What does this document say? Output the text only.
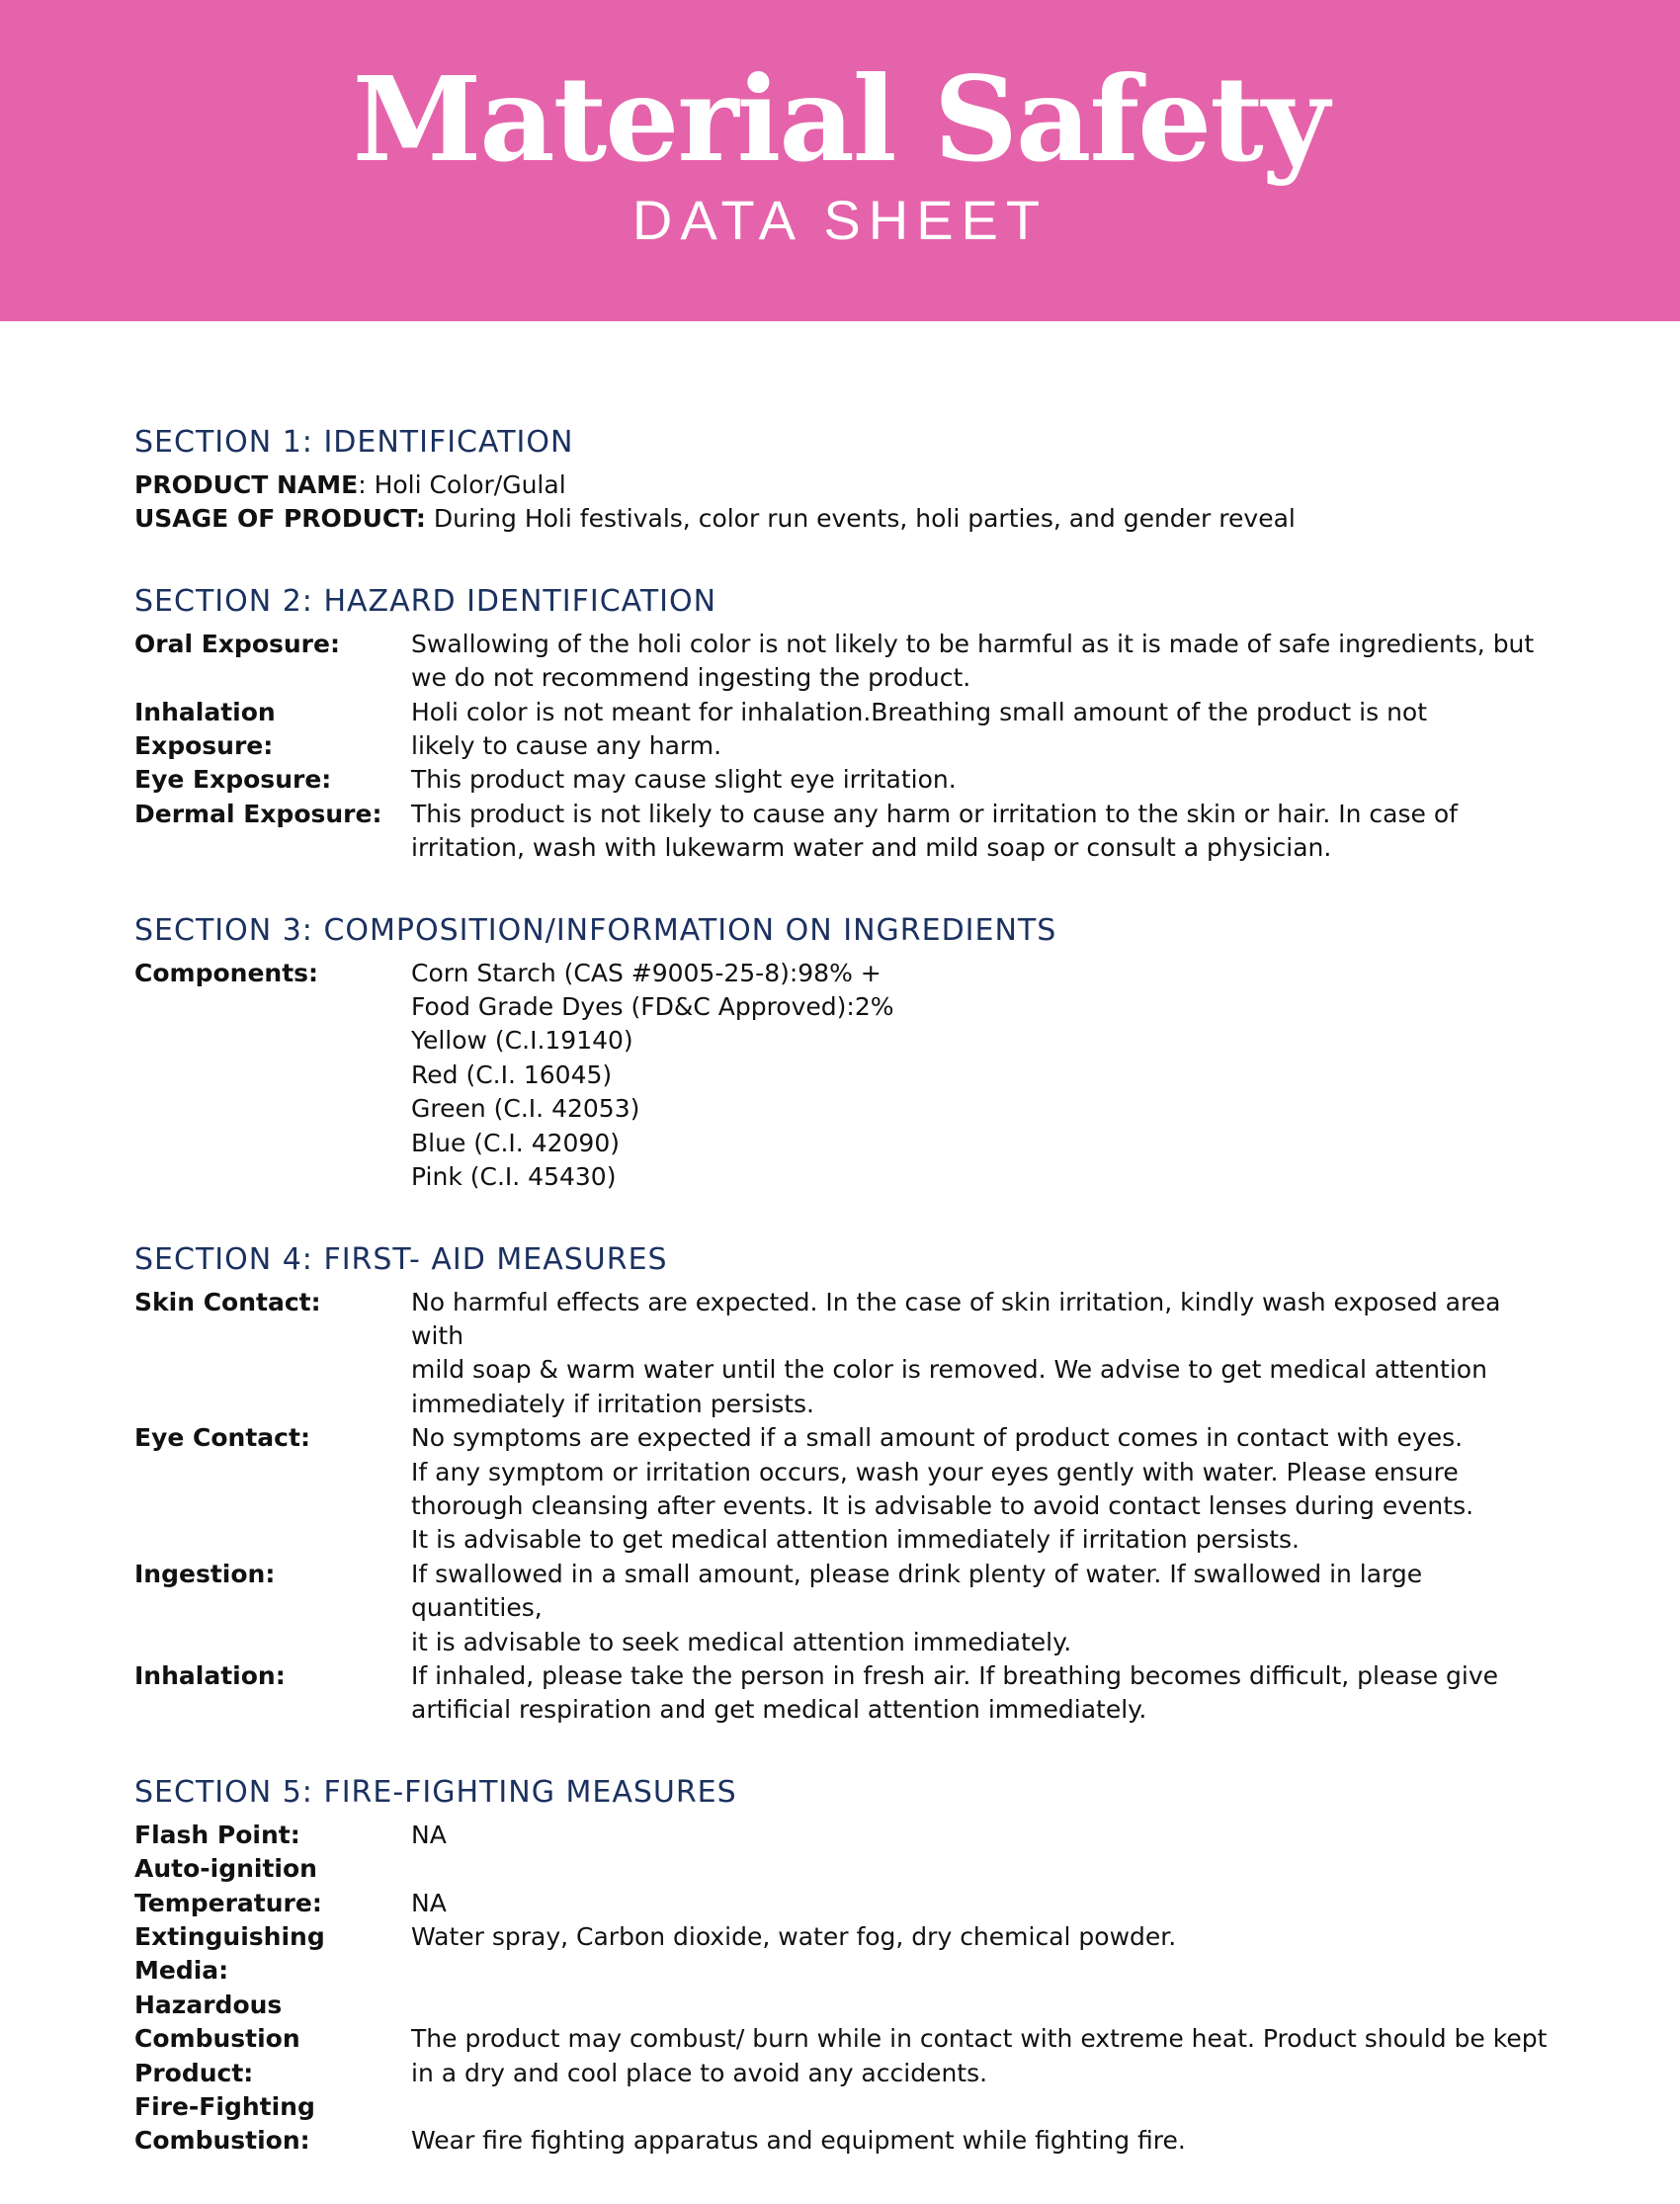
Material Safety
DATA SHEET
SECTION 1: IDENTIFICATION
PRODUCT NAME: Holi Color/Gulal
USAGE OF PRODUCT: During Holi festivals, color run events, holi parties, and gender reveal
SECTION 2: HAZARD IDENTIFICATION
Oral Exposure:	Swallowing of the holi color is not likely to be harmful as it is made of safe ingredients, but
we do not recommend ingesting the product.
Inhalation Exposure:
Holi color is not meant for inhalation.Breathing small amount of the product is not
likely to cause any harm.
Eye Exposure:	This product may cause slight eye irritation.
Dermal Exposure:	This product is not likely to cause any harm or irritation to the skin or hair. In case of
irritation, wash with lukewarm water and mild soap or consult a physician.
SECTION 3: COMPOSITION/INFORMATION ON INGREDIENTS
Components:	Corn Starch (CAS #9005-25-8):98% +
Food Grade Dyes (FD&C Approved):2%
Yellow (C.I.19140)
Red (C.I. 16045)
Green (C.I. 42053)
Blue (C.I. 42090)
Pink (C.I. 45430)
SECTION 4: FIRST- AID MEASURES
Skin Contact:	No harmful effects are expected. In the case of skin irritation, kindly wash exposed area with
mild soap & warm water until the color is removed. We advise to get medical attention
immediately if irritation persists.
Eye Contact:	No symptoms are expected if a small amount of product comes in contact with eyes.
If any symptom or irritation occurs, wash your eyes gently with water. Please ensure
thorough cleansing after events. It is advisable to avoid contact lenses during events.
It is advisable to get medical attention immediately if irritation persists.
Ingestion:	If swallowed in a small amount, please drink plenty of water. If swallowed in large quantities,
it is advisable to seek medical attention immediately.
Inhalation:	If inhaled, please take the person in fresh air. If breathing becomes difficult, please give
artificial respiration and get medical attention immediately.
SECTION 5: FIRE-FIGHTING MEASURES
Flash Point:	NA
Auto-ignition
Temperature:
	NA
Extinguishing Media:
Water spray, Carbon dioxide, water fog, dry chemical powder.
Hazardous
Combustion Product:

The product may combust/ burn while in contact with extreme heat. Product should be kept
in a dry and cool place to avoid any accidents.
Fire-Fighting
Combustion:
	Wear fire fighting apparatus and equipment while fighting fire.
